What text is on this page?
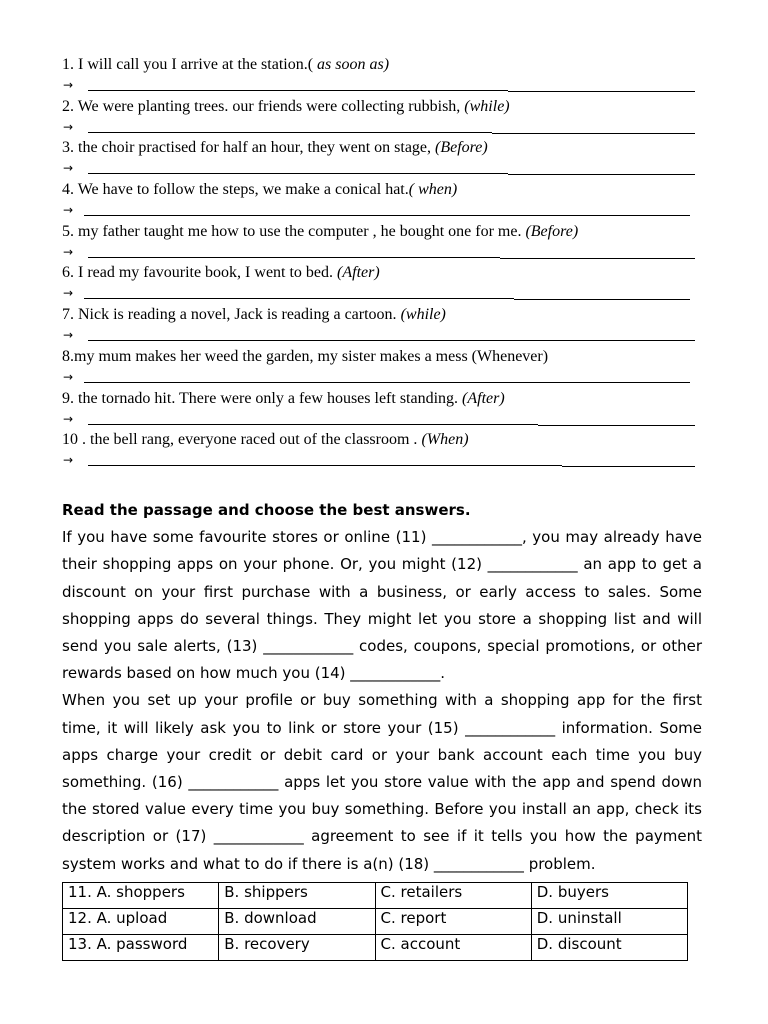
1. I will call you I arrive at the station.( as soon as)
→
2. We were planting trees. our friends were collecting rubbish, (while)
→
3. the choir practised for half an hour, they went on stage, (Before)
→
4. We have to follow the steps, we make a conical hat.( when)
→
5. my father taught me how to use the computer , he bought one for me. (Before)
→
6. I read my favourite book, I went to bed. (After)
→
7. Nick is reading a novel, Jack is reading a cartoon. (while)
→
8.my mum makes her weed the garden, my sister makes a mess (Whenever)
→
9. the tornado hit. There were only a few houses left standing. (After)
→
10 . the bell rang, everyone raced out of the classroom . (When)
→
Read the passage and choose the best answers.

If you have some favourite stores or online (11) ____________, you may already have their shopping apps on your phone. Or, you might (12) ____________ an app to get a discount on your first purchase with a business, or early access to sales. Some shopping apps do several things. They might let you store a shopping list and will send you sale alerts, (13) ____________ codes, coupons, special promotions, or other rewards based on how much you (14) ____________.

When you set up your profile or buy something with a shopping app for the first time, it will likely ask you to link or store your (15) ____________ information. Some apps charge your credit or debit card or your bank account each time you buy something. (16) ____________ apps let you store value with the app and spend down the stored value every time you buy something. Before you install an app, check its description or (17) ____________ agreement to see if it tells you how the payment system works and what to do if there is a(n) (18) ____________ problem.

11. A. shoppers	B. shippers	C. retailers	D. buyers
12. A. upload	B. download	C. report	D. uninstall
13. A. password	B. recovery	C. account	D. discount
